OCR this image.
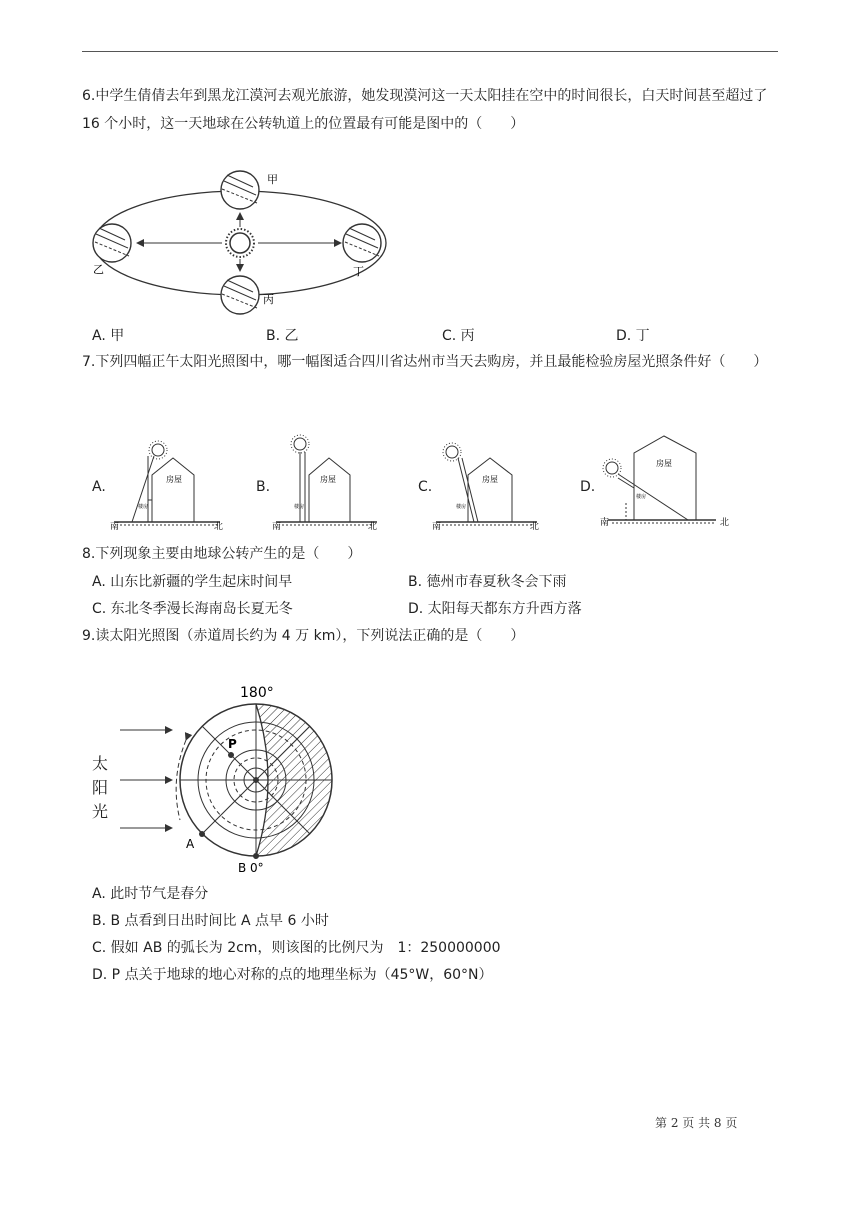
6.中学生倩倩去年到黑龙江漠河去观光旅游，她发现漠河这一天太阳挂在空中的时间很长，白天时间甚至超过了 16 个小时，这一天地球在公转轨道上的位置最有可能是图中的（　　）
甲
乙
丙
丁
A. 甲	B. 乙	C. 丙	D. 丁
7.下列四幅正午太阳光照图中，哪一幅图适合四川省达州市当天去购房，并且最能检验房屋光照条件好（　　）
A.	B.	C.	D.
房屋
楼房
南	北
房屋
楼房
南	北
房屋
楼房
南	北
房屋
楼房
南	北
8.下列现象主要由地球公转产生的是（　　）
A. 山东比新疆的学生起床时间早	B. 德州市春夏秋冬会下雨
C. 东北冬季漫长海南岛长夏无冬	D. 太阳每天都东方升西方落
9.读太阳光照图（赤道周长约为 4 万 km），下列说法正确的是（　　）
P
A
B 0°
180°
太阳光
A. 此时节气是春分
B. B 点看到日出时间比 A 点早 6 小时
C. 假如 AB 的弧长为 2cm，则该图的比例尺为　1：250000000
D. P 点关于地球的地心对称的点的地理坐标为（45°W，60°N）
第 2 页 共 8 页
